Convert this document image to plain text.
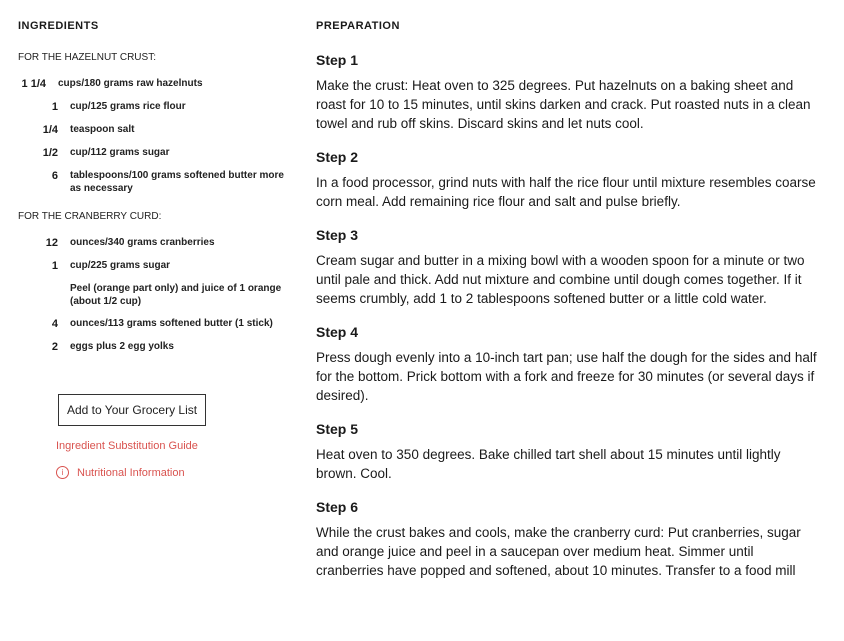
INGREDIENTS
FOR THE HAZELNUT CRUST:
1 1/4	cups/180 grams raw hazelnuts
1	cup/125 grams rice flour
1/4	teaspoon salt
1/2	cup/112 grams sugar
6	tablespoons/100 grams softened butter more as necessary
FOR THE CRANBERRY CURD:
12	ounces/340 grams cranberries
1	cup/225 grams sugar
Peel (orange part only) and juice of 1 orange (about 1/2 cup)
4	ounces/113 grams softened butter (1 stick)
2	eggs plus 2 egg yolks
Add to Your Grocery List
Ingredient Substitution Guide
i	Nutritional Information
PREPARATION
Step 1

Make the crust: Heat oven to 325 degrees. Put hazelnuts on a baking sheet and roast for 10 to 15 minutes, until skins darken and crack. Put roasted nuts in a clean towel and rub off skins. Discard skins and let nuts cool.

Step 2

In a food processor, grind nuts with half the rice flour until mixture resembles coarse corn meal. Add remaining rice flour and salt and pulse briefly.

Step 3

Cream sugar and butter in a mixing bowl with a wooden spoon for a minute or two until pale and thick. Add nut mixture and combine until dough comes together. If it seems crumbly, add 1 to 2 tablespoons softened butter or a little cold water.

Step 4

Press dough evenly into a 10-inch tart pan; use half the dough for the sides and half for the bottom. Prick bottom with a fork and freeze for 30 minutes (or several days if desired).

Step 5

Heat oven to 350 degrees. Bake chilled tart shell about 15 minutes until lightly brown. Cool.

Step 6

While the crust bakes and cools, make the cranberry curd: Put cranberries, sugar and orange juice and peel in a saucepan over medium heat. Simmer until cranberries have popped and softened, about 10 minutes. Transfer to a food mill
